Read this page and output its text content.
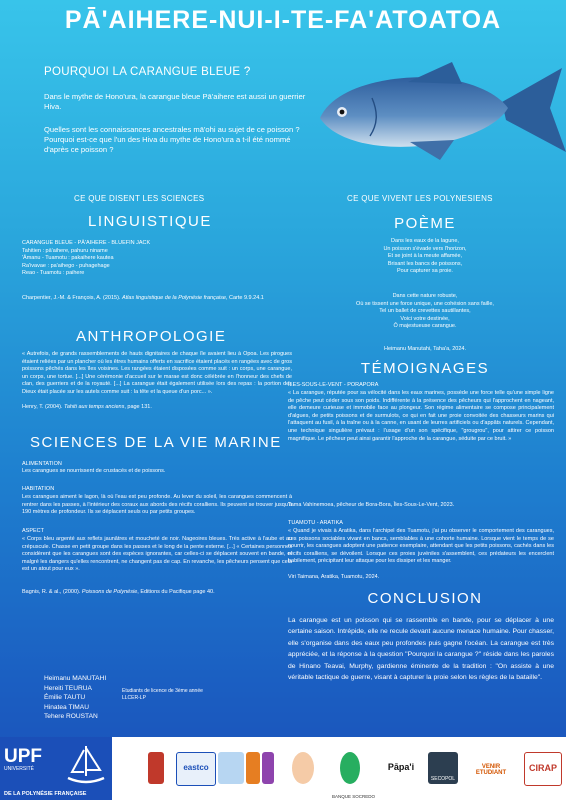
PĀ'AIHERE-NUI-I-TE-FA'ATOATOA
POURQUOI LA CARANGUE BLEUE ?
Dans le mythe de Hono'ura, la carangue bleue Pā'aihere est aussi un guerrier Hiva.
Quelles sont les connaissances ancestrales mā'ohi au sujet de ce poisson ?
Pourquoi est-ce que l'un des Hiva du mythe de Hono'ura a t-il été nommé d'après ce poisson ?
CE QUE DISENT LES SCIENCES	CE QUE VIVENT LES POLYNESIENS
LINGUISTIQUE
CARANGUE BLEUE - PĀ'AIHERE - BLUEFIN JACK
Tahitien : pā'aihere, pahuru niname
'Āmanu - Tuamotu : pakaihere kautea
Ra'ivavae : pa'aihego - puhagehage
Reao - Tuamotu : paihere
Charpentier, J.-M. & François, A. (2015). Atlas linguistique de la Polynésie française, Carte 9.9.24.1
ANTHROPOLOGIE
« Autrefois, de grands rassemblements de hauts dignitaires de chaque île avaient lieu à Opoa. Les pirogues étaient reliées par un plancher où les êtres humains offerts en sacrifice étaient placés en rangées avec de gros poissons pêchés dans les îles voisines. Les rangées étaient disposées comme suit : un corps, une carangue, un corps, une tortue. [...] Une cérémonie d'accueil sur le marae est donc célébrée en l'honneur des chefs de clan, des guerriers et de la royauté. [...] La carangue était également utilisée lors des repas : la portion des Dieux était placée sur les autels comme suit : la tête et la queue d'un porc... ».
Henry, T. (2004). Tahiti aux temps anciens, page 131.
SCIENCES DE LA VIE MARINE
ALIMENTATION
Les carangues se nourrissent de crustacés et de poissons.
HABITATION
Les carangues aiment le lagon, là où l'eau est peu profonde. Au lever du soleil, les carangues commencent à rentrer dans les passes, à l'intérieur des coraux aux abords des récifs coralliens. Ils peuvent se trouver jusqu'à 190 mètres de profondeur. Ils se déplacent seuls ou par petits groupes.
ASPECT
« Corps bleu argenté aux reflets jaunâtres et moucheté de noir. Nageoires bleues. Très active à l'aube et au crépuscule. Chasse en petit groupe dans les passes et le long de la pente externe. [...] « Certaines personnes considèrent que les carangues sont des espèces ignorantes, car celles-ci se déplacent souvent en bande, et malgré les dangers qu'elles rencontrent, ne changent pas de cap. En revanche, les pêcheurs pensent que cela est un atout pour eux ».
Bagnis, R. & al., (2000). Poissons de Polynésie, Editions du Pacifique page 40.
POÈME
Dans les eaux de la lagune,
Un poisson s'évade vers l'horizon,
Et se joint à la meute affamée,
Brisant les bancs de poissons,
Pour capturer sa proie.
Dans cette nature robuste,
Où se tissent une force unique, une cohésion sans faille,
Tel un ballet de crevettes sautillantes,
Voici votre destinée,
Ô majestueuse carangue.
Heimanu Manutahi, Taha'a, 2024.
TÉMOIGNAGES
ÎLES-SOUS-LE-VENT - PORAPORA
« La carangue, réputée pour sa vélocité dans les eaux marines, possède une force telle qu'une simple ligne de pêche peut céder sous son poids. Indifférente à la présence des pêcheurs qui l'approchent en nageant, elle demeure curieuse et immobile face au plongeur. Son régime alimentaire se compose principalement d'algues, de petits poissons et de surmulots, ce qui en fait une proie convoitée des chasseurs marins qui l'attaquent au fusil, à la traîne ou à la canne, en usant de leurres artificiels ou d'appâts naturels. Cependant, une technique singulière prévaut : l'usage d'un son spécifique, "grougrou", pour attirer ce poisson magnifique. Le pêcheur peut ainsi garantir l'approche de la carangue, séduite par ce bruit. »
Tama Vahinemoea, pêcheur de Bora-Bora, Îles-Sous-Le-Vent, 2023.
TUAMOTU - ARATIKA
« Quand je vivais à Aratika, dans l'archipel des Tuamotu, j'ai pu observer le comportement des carangues, ces poissons sociables vivant en bancs, semblables à une cohorte humaine. Lorsque vient le temps de se nourrir, les carangues adoptent une patience exemplaire, attendant que les petits poissons, cachés dans les récifs coralliens, se dévoilent. Lorsque ces proies juvéniles s'assemblent, ces prédateurs les encerclent habilement, précipitant leur attaque pour les dissiper et les manger.
Viri Taimana, Aratika, Tuamotu, 2024.
CONCLUSION
La carangue est un poisson qui se rassemble en bande, pour se déplacer à une certaine saison. Intrépide, elle ne recule devant aucune menace humaine. Pour chasser, elle s'organise dans des eaux peu profondes puis gagne l'océan. La carangue est très appréciée, et la réponse à la question "Pourquoi la carangue ?" réside dans les paroles de Hinano Teavai, Murphy, gardienne éminente de la tradition : "On assiste à une véritable tactique de guerre, visant à capturer la proie selon les règles de la bataille".
Heimanu MANUTAHI
Hereiti TEURUA
Émilie TAUTU
Hinatea TIMAU
Tehere ROUSTAN
Etudiants de licence de 3ème année
LLCER-LP
UPF
UNIVERSITÉ
DE LA POLYNÉSIE FRANÇAISE
eastco
BANQUE SOCREDO
Pāpa'i
SECOPOL
VENIR ETUDIANT	CIRAP
